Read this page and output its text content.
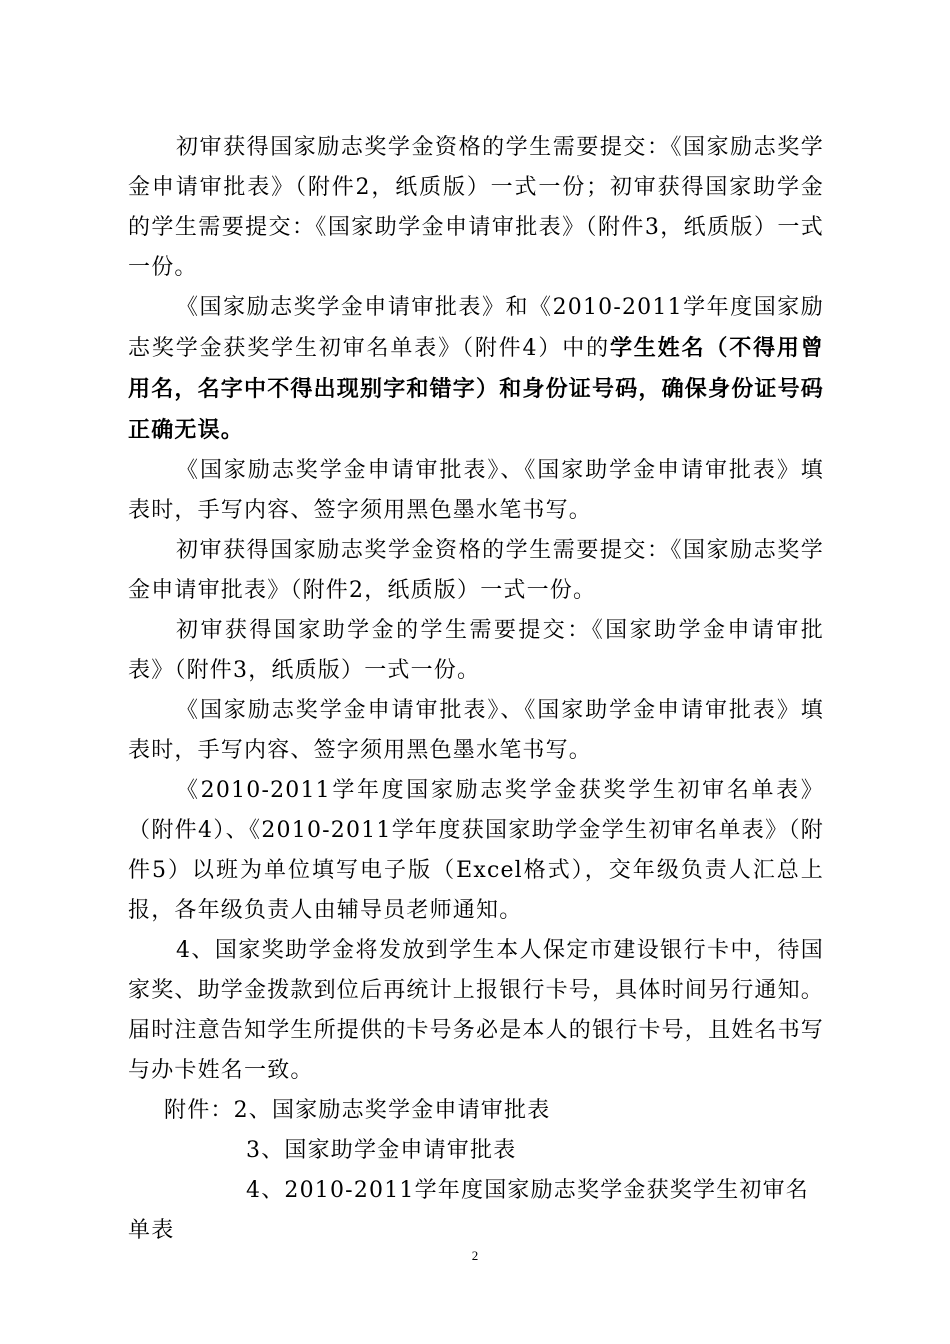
初审获得国家励志奖学金资格的学生需要提交：《国家励志奖学金申请审批表》（附件2，纸质版）一式一份；初审获得国家助学金的学生需要提交：《国家助学金申请审批表》（附件3，纸质版）一式一份。

《国家励志奖学金申请审批表》和《2010-2011学年度国家励志奖学金获奖学生初审名单表》（附件4）中的学生姓名（不得用曾用名，名字中不得出现别字和错字）和身份证号码，确保身份证号码正确无误。

《国家励志奖学金申请审批表》、《国家助学金申请审批表》填表时，手写内容、签字须用黑色墨水笔书写。

初审获得国家励志奖学金资格的学生需要提交：《国家励志奖学金申请审批表》（附件2，纸质版）一式一份。

初审获得国家助学金的学生需要提交：《国家助学金申请审批表》（附件3，纸质版）一式一份。

《国家励志奖学金申请审批表》、《国家助学金申请审批表》填表时，手写内容、签字须用黑色墨水笔书写。

《2010-2011学年度国家励志奖学金获奖学生初审名单表》（附件4）、《2010-2011学年度获国家助学金学生初审名单表》（附件5）以班为单位填写电子版（Excel格式），交年级负责人汇总上报，各年级负责人由辅导员老师通知。

4、国家奖助学金将发放到学生本人保定市建设银行卡中，待国家奖、助学金拨款到位后再统计上报银行卡号，具体时间另行通知。届时注意告知学生所提供的卡号务必是本人的银行卡号，且姓名书写与办卡姓名一致。

附件：2、国家励志奖学金申请审批表

3、国家助学金申请审批表

4、2010-2011学年度国家励志奖学金获奖学生初审名单表

2
